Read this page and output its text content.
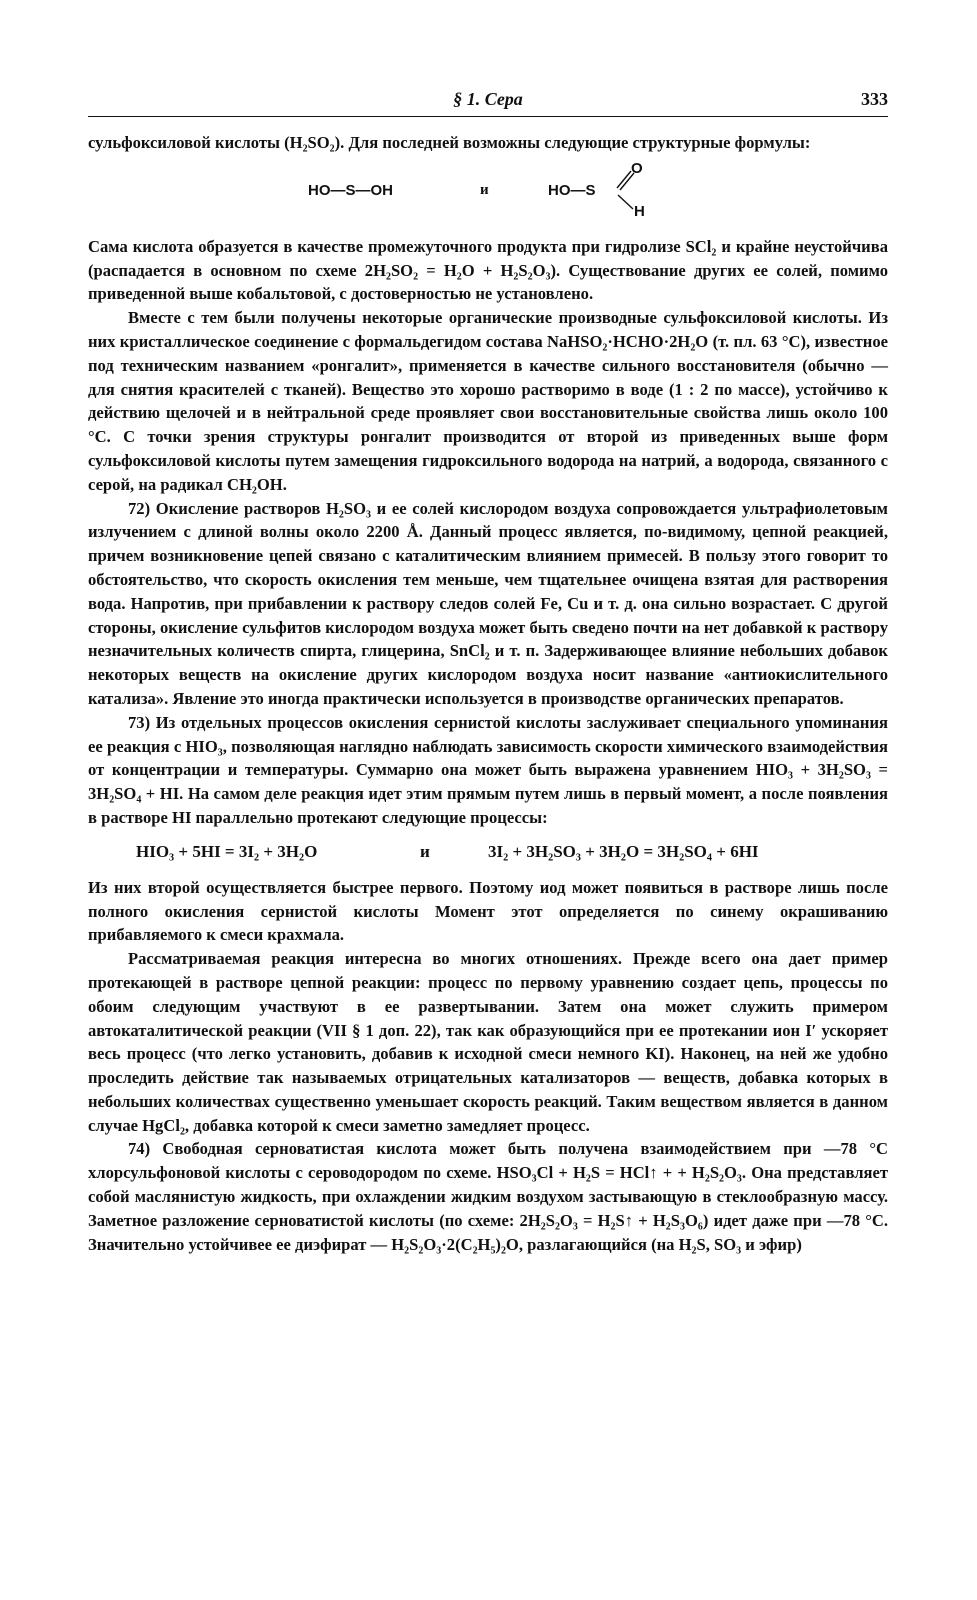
§ 1. Сера	333

сульфоксиловой кислоты (H₂SO₂). Для последней возможны следующие структурные формулы:

HO—S—OH	и	HO—S
O
H

Сама кислота образуется в качестве промежуточного продукта при гидролизе SCl₂ и крайне неустойчива (распадается в основном по схеме 2H₂SO₂ = H₂O + H₂S₂O₃). Существование других ее солей, помимо приведенной выше кобальтовой, с достоверностью не установлено.

Вместе с тем были получены некоторые органические производные сульфоксиловой кислоты. Из них кристаллическое соединение с формальдегидом состава NaHSO₂·HCHO·2H₂O (т. пл. 63 °C), известное под техническим названием «ронгалит», применяется в качестве сильного восстановителя (обычно — для снятия красителей с тканей). Вещество это хорошо растворимо в воде (1 : 2 по массе), устойчиво к действию щелочей и в нейтральной среде проявляет свои восстановительные свойства лишь около 100 °C. С точки зрения структуры ронгалит производится от второй из приведенных выше форм сульфоксиловой кислоты путем замещения гидроксильного водорода на натрий, а водорода, связанного с серой, на радикал CH₂OH.

72) Окисление растворов H₂SO₃ и ее солей кислородом воздуха сопровождается ультрафиолетовым излучением с длиной волны около 2200 Å. Данный процесс является, по-видимому, цепной реакцией, причем возникновение цепей связано с каталитическим влиянием примесей. В пользу этого говорит то обстоятельство, что скорость окисления тем меньше, чем тщательнее очищена взятая для растворения вода. Напротив, при прибавлении к раствору следов солей Fe, Cu и т. д. она сильно возрастает. С другой стороны, окисление сульфитов кислородом воздуха может быть сведено почти на нет добавкой к раствору незначительных количеств спирта, глицерина, SnCl₂ и т. п. Задерживающее влияние небольших добавок некоторых веществ на окисление других кислородом воздуха носит название «антиокислительного катализа». Явление это иногда практически используется в производстве органических препаратов.

73) Из отдельных процессов окисления сернистой кислоты заслуживает специального упоминания ее реакция с HIO₃, позволяющая наглядно наблюдать зависимость скорости химического взаимодействия от концентрации и температуры. Суммарно она может быть выражена уравнением HIO₃ + 3H₂SO₃ = 3H₂SO₄ + HI. На самом деле реакция идет этим прямым путем лишь в первый момент, а после появления в растворе HI параллельно протекают следующие процессы:

HIO₃ + 5HI = 3I₂ + 3H₂O	и	3I₂ + 3H₂SO₃ + 3H₂O = 3H₂SO₄ + 6HI

Из них второй осуществляется быстрее первого. Поэтому иод может появиться в растворе лишь после полного окисления сернистой кислоты Момент этот определяется по синему окрашиванию прибавляемого к смеси крахмала.

Рассматриваемая реакция интересна во многих отношениях. Прежде всего она дает пример протекающей в растворе цепной реакции: процесс по первому уравнению создает цепь, процессы по обоим следующим участвуют в ее развертывании. Затем она может служить примером автокаталитической реакции (VII § 1 доп. 22), так как образующийся при ее протекании ион I′ ускоряет весь процесс (что легко установить, добавив к исходной смеси немного KI). Наконец, на ней же удобно проследить действие так называемых отрицательных катализаторов — веществ, добавка которых в небольших количествах существенно уменьшает скорость реакций. Таким веществом является в данном случае HgCl₂, добавка которой к смеси заметно замедляет процесс.

74) Свободная серноватистая кислота может быть получена взаимодействием при —78 °C хлорсульфоновой кислоты с сероводородом по схеме. HSO₃Cl + H₂S = HCl↑ + + H₂S₂O₃. Она представляет собой маслянистую жидкость, при охлаждении жидким воздухом застывающую в стеклообразную массу. Заметное разложение серноватистой кислоты (по схеме: 2H₂S₂O₃ = H₂S↑ + H₂S₃O₆) идет даже при —78 °C. Значительно устойчивее ее диэфират — H₂S₂O₃·2(C₂H₅)₂O, разлагающийся (на H₂S, SO₃ и эфир)
